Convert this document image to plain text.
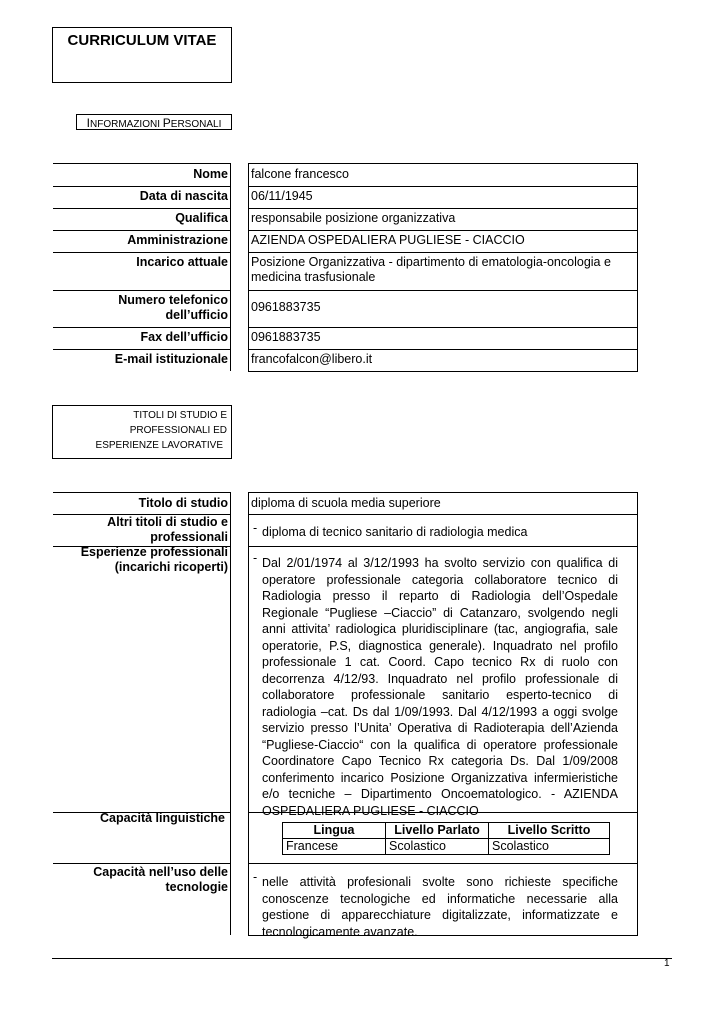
CURRICULUM VITAE
INFORMAZIONI PERSONALI
Nome falcone francesco
Data di nascita 06/11/1945
Qualifica responsabile posizione organizzativa
Amministrazione AZIENDA OSPEDALIERA PUGLIESE - CIACCIO
Incarico attuale Posizione Organizzativa - dipartimento di ematologia-oncologia e medicina trasfusionale
Numero telefonico dell’ufficio
0961883735
Fax dell’ufficio 0961883735
E-mail istituzionale francofalcon@libero.it
TITOLI DI STUDIO E
PROFESSIONALI ED
ESPERIENZE LAVORATIVE
Titolo di studio diploma di scuola media superiore
Altri titoli di studio e professionali
- diploma di tecnico sanitario di radiologia medica
Esperienze professionali (incarichi ricoperti)
- Dal 2/01/1974 al 3/12/1993 ha svolto servizio con qualifica di operatore professionale categoria collaboratore tecnico di Radiologia presso il reparto di Radiologia dell’Ospedale Regionale “Pugliese –Ciaccio” di Catanzaro, svolgendo negli anni attivita’ radiologica pluridisciplinare (tac, angiografia, sale operatorie, P.S, diagnostica generale). Inquadrato nel profilo professionale 1 cat. Coord. Capo tecnico Rx di ruolo con decorrenza 4/12/93. Inquadrato nel profilo professionale di collaboratore professionale sanitario esperto-tecnico di radiologia –cat. Ds dal 1/09/1993. Dal 4/12/1993 a oggi svolge servizio presso l’Unita’ Operativa di Radioterapia dell’Azienda “Pugliese-Ciaccio“ con la qualifica di operatore professionale Coordinatore Capo Tecnico Rx categoria Ds. Dal 1/09/2008 conferimento incarico Posizione Organizzativa infermieristiche e/o tecniche – Dipartimento Oncoematologico. - AZIENDA OSPEDALIERA PUGLIESE - CIACCIO
Capacità linguistiche
Lingua	Livello Parlato	Livello Scritto
Francese	Scolastico	Scolastico
Capacità nell’uso delle tecnologie
- nelle attività profesionali svolte sono richieste specifiche conoscenze tecnologiche ed informatiche necessarie alla gestione di apparecchiature digitalizzate, informatizzate e tecnologicamente avanzate.
1
